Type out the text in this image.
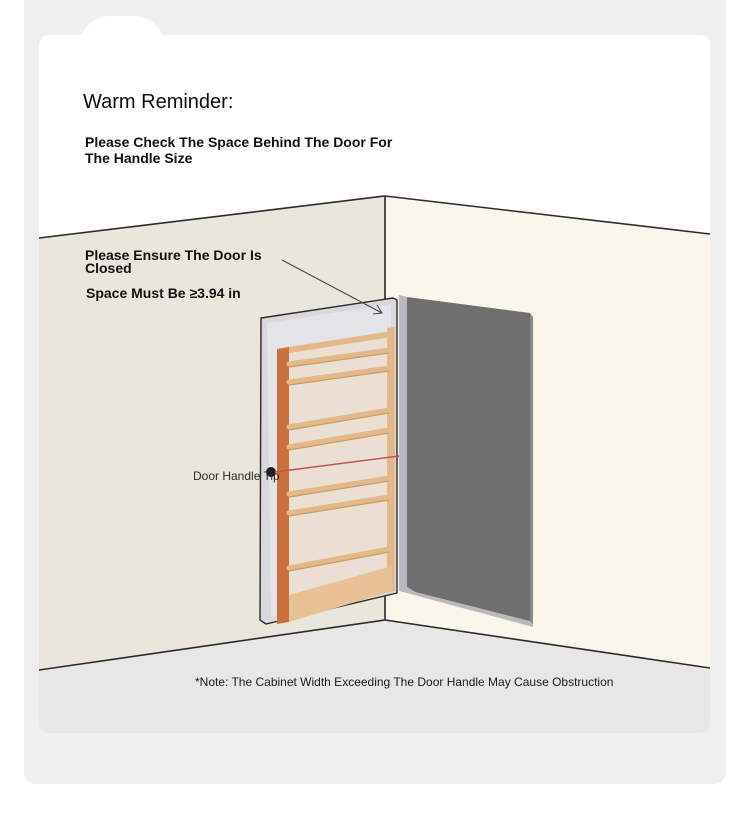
Warm Reminder:
Please Check The Space Behind The Door For The Handle Size
Please Ensure The Door Is Closed
Space Must Be ≥3.94 in
Door Handle Tip
*Note: The Cabinet Width Exceeding The Door Handle May Cause Obstruction
